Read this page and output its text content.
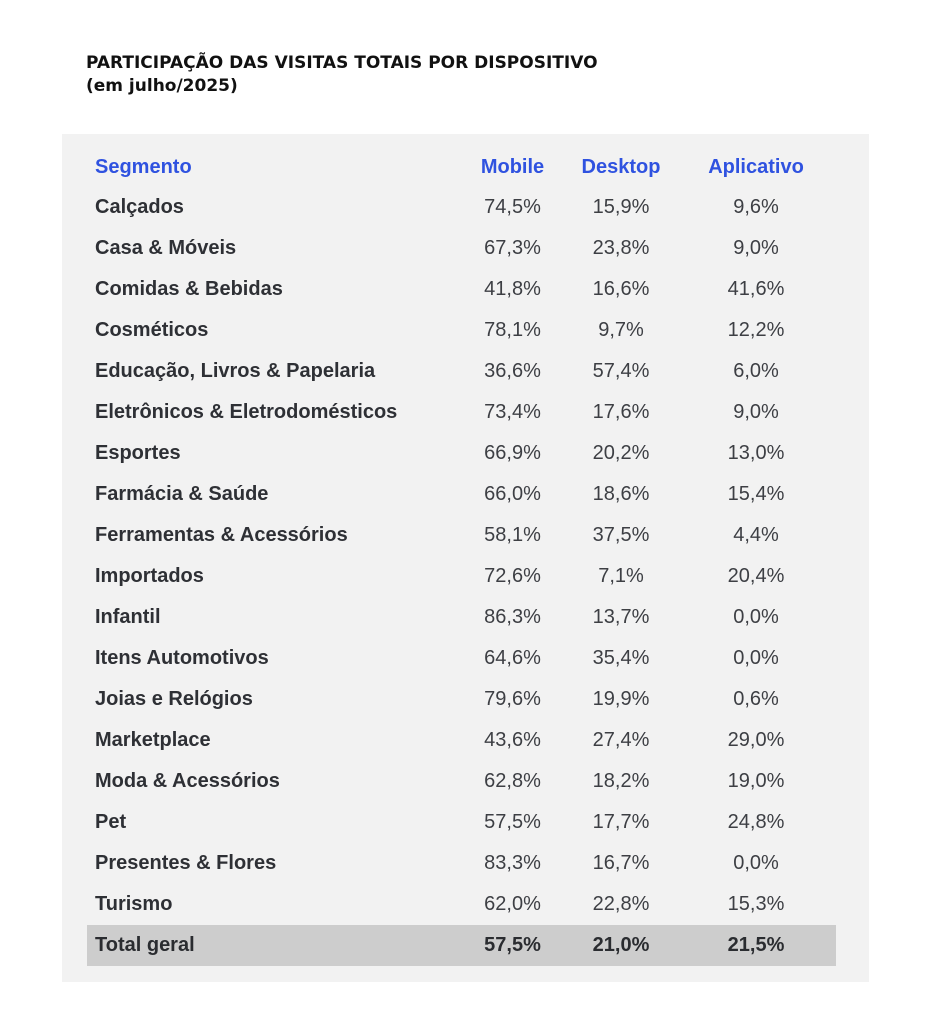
PARTICIPAÇÃO DAS VISITAS TOTAIS POR DISPOSITIVO
(em julho/2025)
Segmento	Mobile	Desktop	Aplicativo
Calçados	74,5%	15,9%	9,6%
Casa & Móveis	67,3%	23,8%	9,0%
Comidas & Bebidas	41,8%	16,6%	41,6%
Cosméticos	78,1%	9,7%	12,2%
Educação, Livros & Papelaria	36,6%	57,4%	6,0%
Eletrônicos & Eletrodomésticos	73,4%	17,6%	9,0%
Esportes	66,9%	20,2%	13,0%
Farmácia & Saúde	66,0%	18,6%	15,4%
Ferramentas & Acessórios	58,1%	37,5%	4,4%
Importados	72,6%	7,1%	20,4%
Infantil	86,3%	13,7%	0,0%
Itens Automotivos	64,6%	35,4%	0,0%
Joias e Relógios	79,6%	19,9%	0,6%
Marketplace	43,6%	27,4%	29,0%
Moda & Acessórios	62,8%	18,2%	19,0%
Pet	57,5%	17,7%	24,8%
Presentes & Flores	83,3%	16,7%	0,0%
Turismo	62,0%	22,8%	15,3%
Total geral	57,5%	21,0%	21,5%
